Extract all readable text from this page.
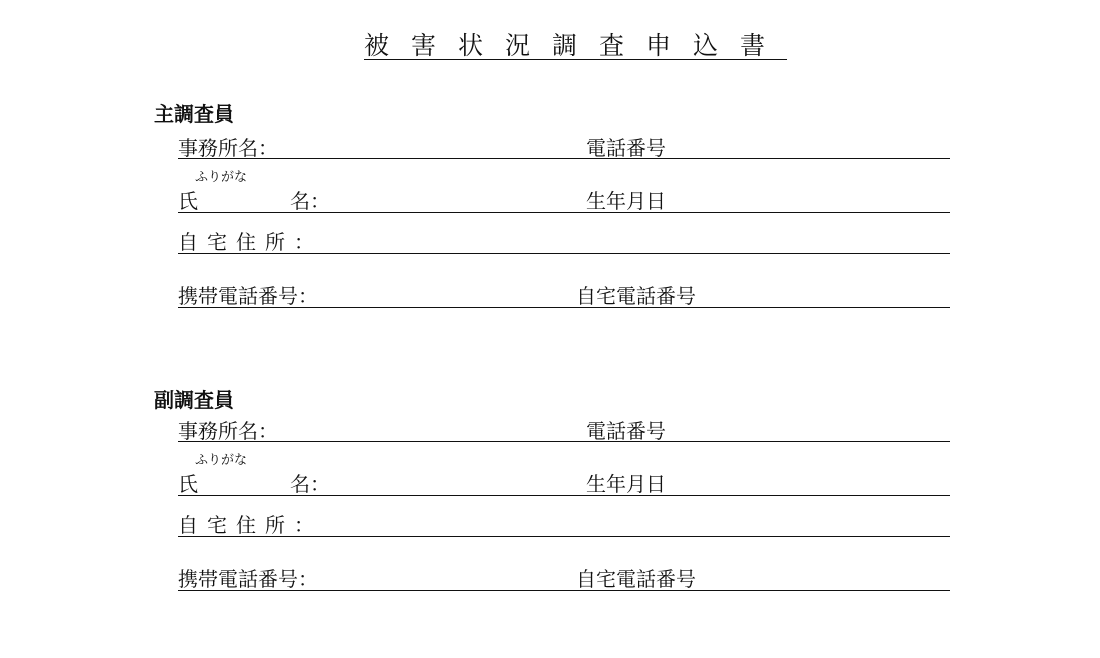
被害状況調査申込書
主調査員
事務所名：	電話番号
ふりがな
氏	名：	生年月日
自宅住所：
携帯電話番号：	自宅電話番号
副調査員
事務所名：	電話番号
ふりがな
氏	名：	生年月日
自宅住所：
携帯電話番号：	自宅電話番号
